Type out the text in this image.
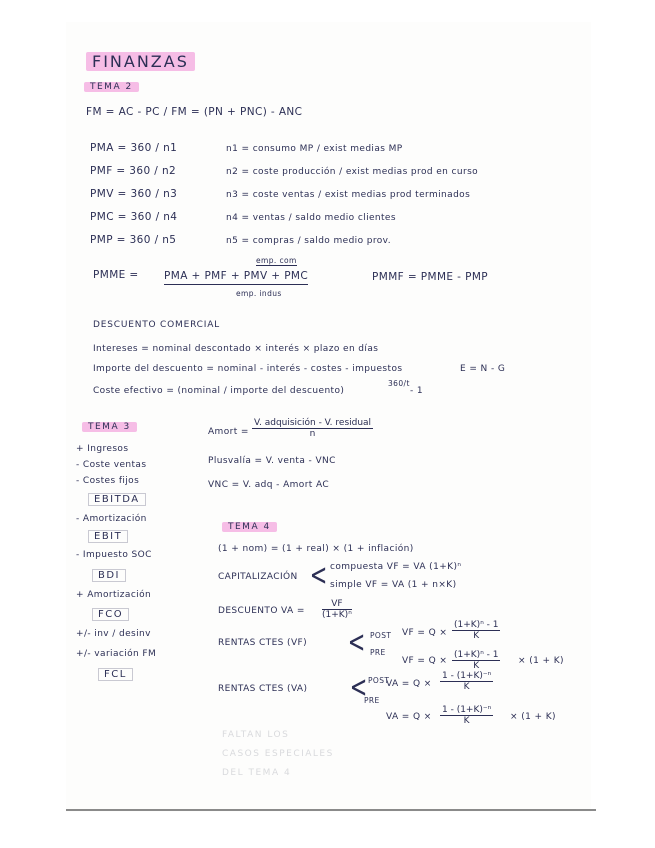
FINANZAS
TEMA 2
FM = AC - PC / FM = (PN + PNC) - ANC
PMA = 360 / n1	n1 = consumo MP / exist medias MP
PMF = 360 / n2	n2 = coste producción / exist medias prod en curso
PMV = 360 / n3	n3 = coste ventas / exist medias prod terminados
PMC = 360 / n4	n4 = ventas / saldo medio clientes
PMP = 360 / n5	n5 = compras / saldo medio prov.
emp. com
PMME = PMA + PMF + PMV + PMC
emp. indus
PMMF = PMME - PMP
DESCUENTO COMERCIAL
Intereses = nominal descontado × interés × plazo en días
Importe del descuento = nominal - interés - costes - impuestos	E = N - G
Coste efectivo = (nominal / importe del descuento)
360/t
- 1
TEMA 3
+ Ingresos
- Coste ventas
- Costes fijos
EBITDA
- Amortización
EBIT
- Impuesto SOC
BDI
+ Amortización
FCO
+/- inv / desinv
+/- variación FM
FCL
Amort =
V. adquisición - V. residual
n
Plusvalía = V. venta - VNC
VNC = V. adq - Amort AC
TEMA 4
(1 + nom) = (1 + real) × (1 + inflación)
CAPITALIZACIÓN < compuesta VF = VA (1+K)ⁿ
simple VF = VA (1 + n×K)
DESCUENTO VA = $\frac{VF}{\text{(1+K)ⁿ}}$
RENTAS CTES (VF) < POST
PRE
VF = $Q \times \frac{\text{(1+K)ⁿ - 1}}{K}$
VF = $Q \times \frac{\text{(1+K)ⁿ - 1}}{K} \times (1 + K)$
RENTAS CTES (VA) < POST
PRE
VA = $Q \times \frac{\text{1 - (1+K)⁻ⁿ}}{K}$
VA = $Q \times \frac{\text{1 - (1+K)⁻ⁿ}}{K} \times (1 + K)$
FALTAN LOS
CASOS ESPECIALES
DEL TEMA 4
